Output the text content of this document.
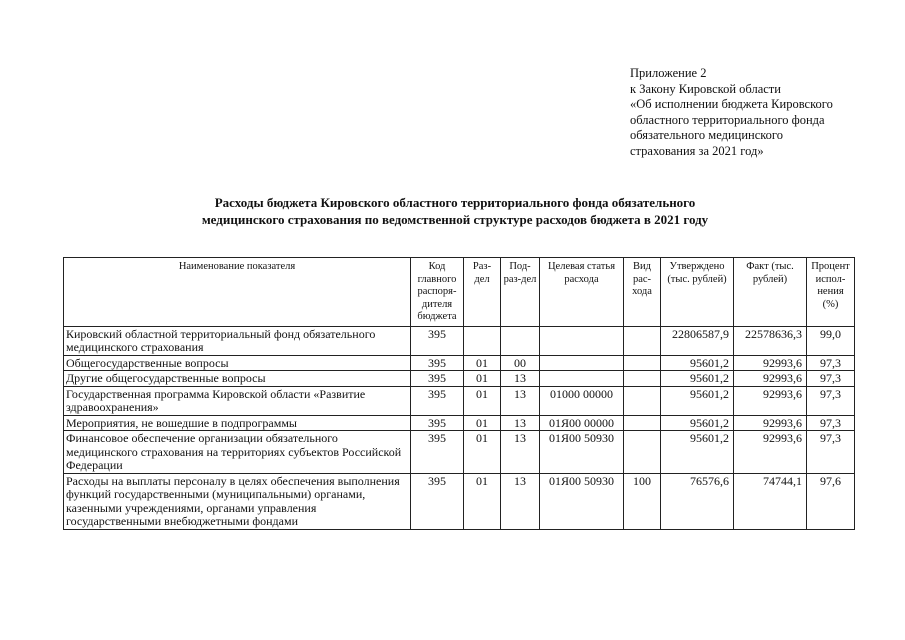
Приложение 2
к Закону Кировской области
«Об исполнении бюджета Кировского
областного территориального фонда
обязательного медицинского
страхования за 2021 год»
Расходы бюджета Кировского областного территориального фонда обязательного
медицинского страхования по ведомственной структуре расходов бюджета в 2021 году
Наименование показателя	Код главного распоря-дителя бюджета	Раз-дел	Под-раз-дел	Целевая статья расхода	Вид рас-хода	Утверждено (тыс. рублей)	Факт (тыс. рублей)	Процент испол-нения (%)
Кировский областной территориальный фонд обязательного медицинского страхования	395					22806587,9	22578636,3	99,0
Общегосударственные вопросы	395	01	00			95601,2	92993,6	97,3
Другие общегосударственные вопросы	395	01	13			95601,2	92993,6	97,3
Государственная программа Кировской области «Развитие здравоохранения»	395	01	13	01000 00000		95601,2	92993,6	97,3
Мероприятия, не вошедшие в подпрограммы	395	01	13	01Я00 00000		95601,2	92993,6	97,3
Финансовое обеспечение организации обязательного медицинского страхования на территориях субъектов Российской Федерации	395	01	13	01Я00 50930		95601,2	92993,6	97,3
Расходы на выплаты персоналу в целях обеспечения выполнения функций государственными (муниципальными) органами, казенными учреждениями, органами управления государственными внебюджетными фондами	395	01	13	01Я00 50930	100	76576,6	74744,1	97,6
